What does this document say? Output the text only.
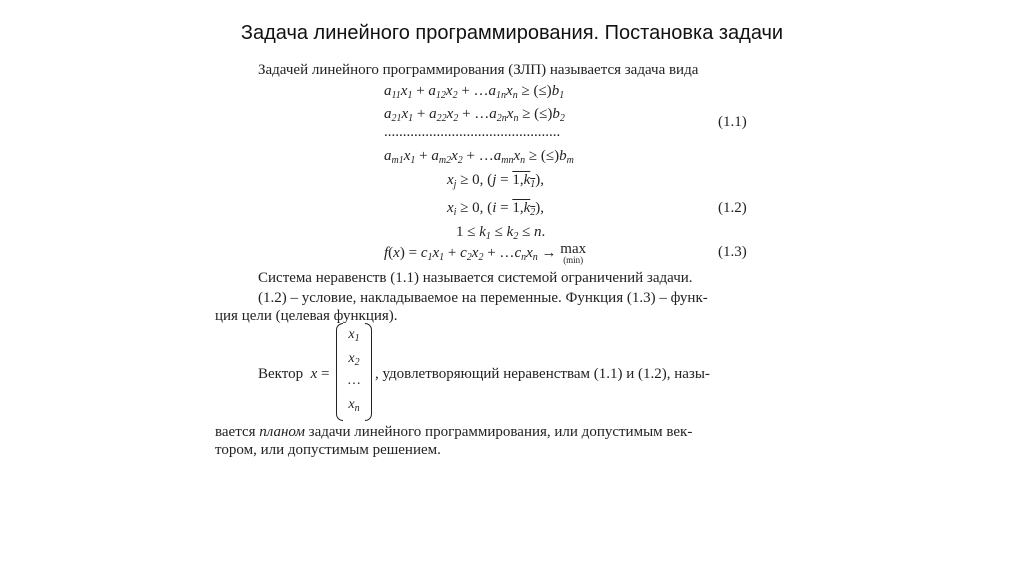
Задача линейного программирования. Постановка задачи
Задачей линейного программирования (ЗЛП) называется задача вида
$a_{11}x_1 + a_{12}x_2$ + $\dots a_{1n}x_n \ge (\le)b_1$
$a_{21}x_1 + a_{22}x_2$ + $\dots a_{2n}x_n \ge (\le)b_2$	(1.1)
...............................................
$a_{m1}x_1 + a_{m2}x_2$ + $\dots a_{mn}x_n \ge (\le)b_m$
$x_j \ge 0$, $(j = 1,k_1)$,
$x_i \ge 0$, $(i = 1,k_2)$,	(1.2)
$1 \le k_1 \le k_2 \le n$.
$f(x) = c_1x_1 + c_2x_2$ + $\dots c_nx_n \to \max$
(min)	(1.3)
Система неравенств (1.1) называется системой ограничений задачи.
(1.2) – условие, накладываемое на переменные. Функция (1.3) – функ-
ция цели (целевая функция).
Вектор x =
$x_1$
$x_2$
…
$x_n$
, удовлетворяющий неравенствам (1.1) и (1.2), назы-
вается планом задачи линейного программирования, или допустимым век-
тором, или допустимым решением.
